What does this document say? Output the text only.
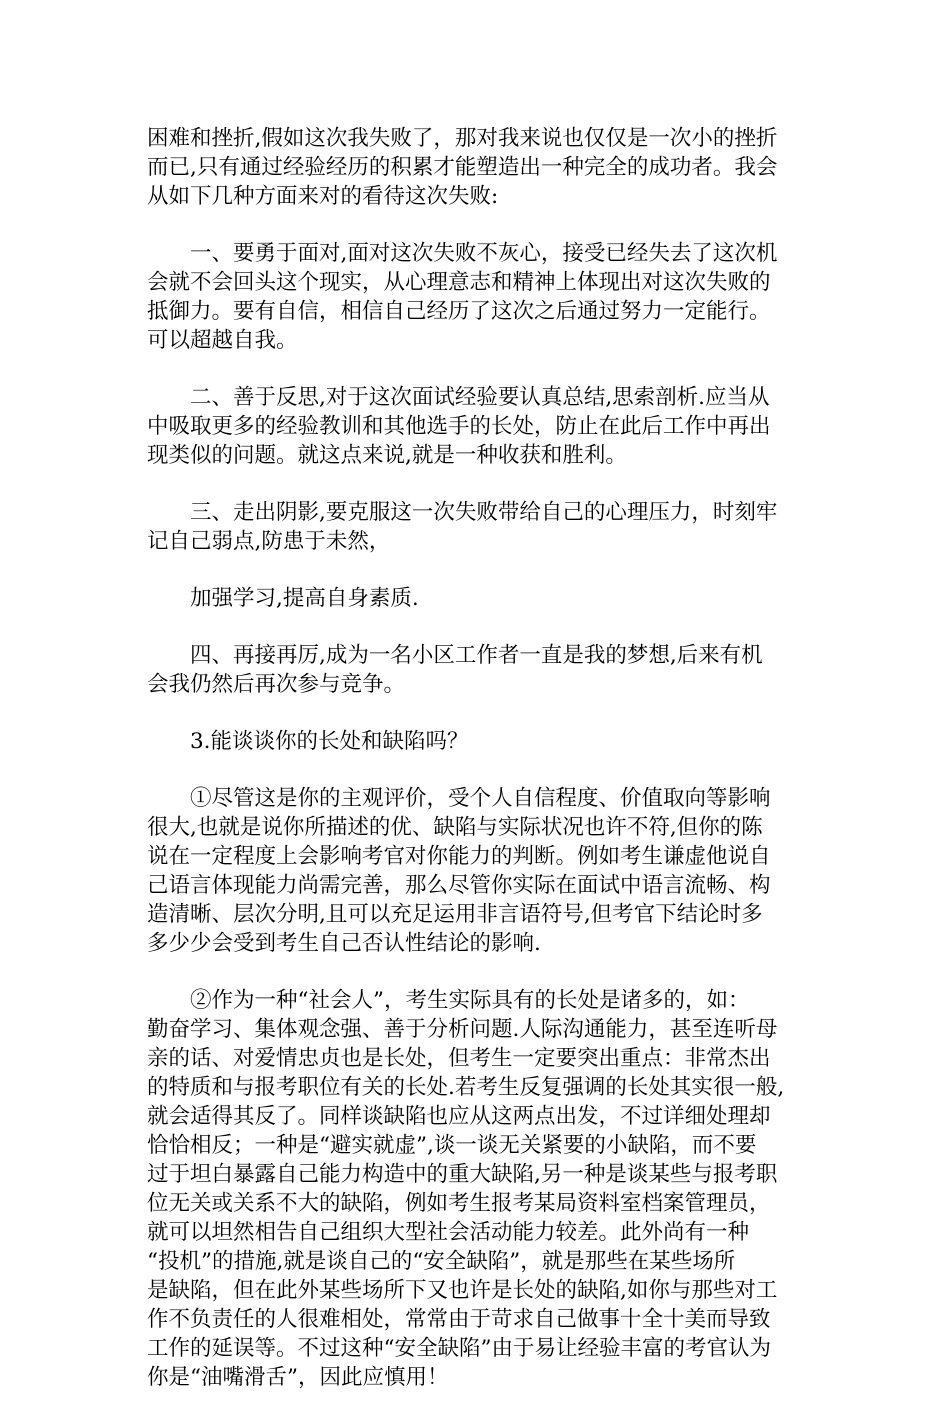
困难和挫折,假如这次我失败了，那对我来说也仅仅是一次小的挫折
而已,只有通过经验经历的积累才能塑造出一种完全的成功者。我会
从如下几种方面来对的看待这次失败:
一、要勇于面对,面对这次失败不灰心，接受已经失去了这次机
会就不会回头这个现实，从心理意志和精神上体现出对这次失败的
抵御力。要有自信，相信自己经历了这次之后通过努力一定能行。
可以超越自我。
二、善于反思,对于这次面试经验要认真总结,思索剖析.应当从
中吸取更多的经验教训和其他选手的长处，防止在此后工作中再出
现类似的问题。就这点来说,就是一种收获和胜利。
三、走出阴影,要克服这一次失败带给自己的心理压力，时刻牢
记自己弱点,防患于未然，
加强学习,提高自身素质.
四、再接再厉,成为一名小区工作者一直是我的梦想,后来有机
会我仍然后再次参与竞争。
3.能谈谈你的长处和缺陷吗？
①尽管这是你的主观评价，受个人自信程度、价值取向等影响
很大,也就是说你所描述的优、缺陷与实际状况也许不符,但你的陈
说在一定程度上会影响考官对你能力的判断。例如考生谦虚他说自
己语言体现能力尚需完善，那么尽管你实际在面试中语言流畅、构
造清晰、层次分明,且可以充足运用非言语符号,但考官下结论时多
多少少会受到考生自己否认性结论的影响.
②作为一种“社会人”，考生实际具有的长处是诸多的，如：
勤奋学习、集体观念强、善于分析问题.人际沟通能力，甚至连听母
亲的话、对爱情忠贞也是长处，但考生一定要突出重点：非常杰出
的特质和与报考职位有关的长处.若考生反复强调的长处其实很一般,
就会适得其反了。同样谈缺陷也应从这两点出发，不过详细处理却
恰恰相反；一种是“避实就虚”,谈一谈无关紧要的小缺陷，而不要
过于坦白暴露自己能力构造中的重大缺陷,另一种是谈某些与报考职
位无关或关系不大的缺陷，例如考生报考某局资料室档案管理员，
就可以坦然相告自己组织大型社会活动能力较差。此外尚有一种
“投机”的措施,就是谈自己的“安全缺陷”，就是那些在某些场所
是缺陷，但在此外某些场所下又也许是长处的缺陷,如你与那些对工
作不负责任的人很难相处，常常由于苛求自己做事十全十美而导致
工作的延误等。不过这种“安全缺陷”由于易让经验丰富的考官认为
你是“油嘴滑舌”，因此应慎用！
